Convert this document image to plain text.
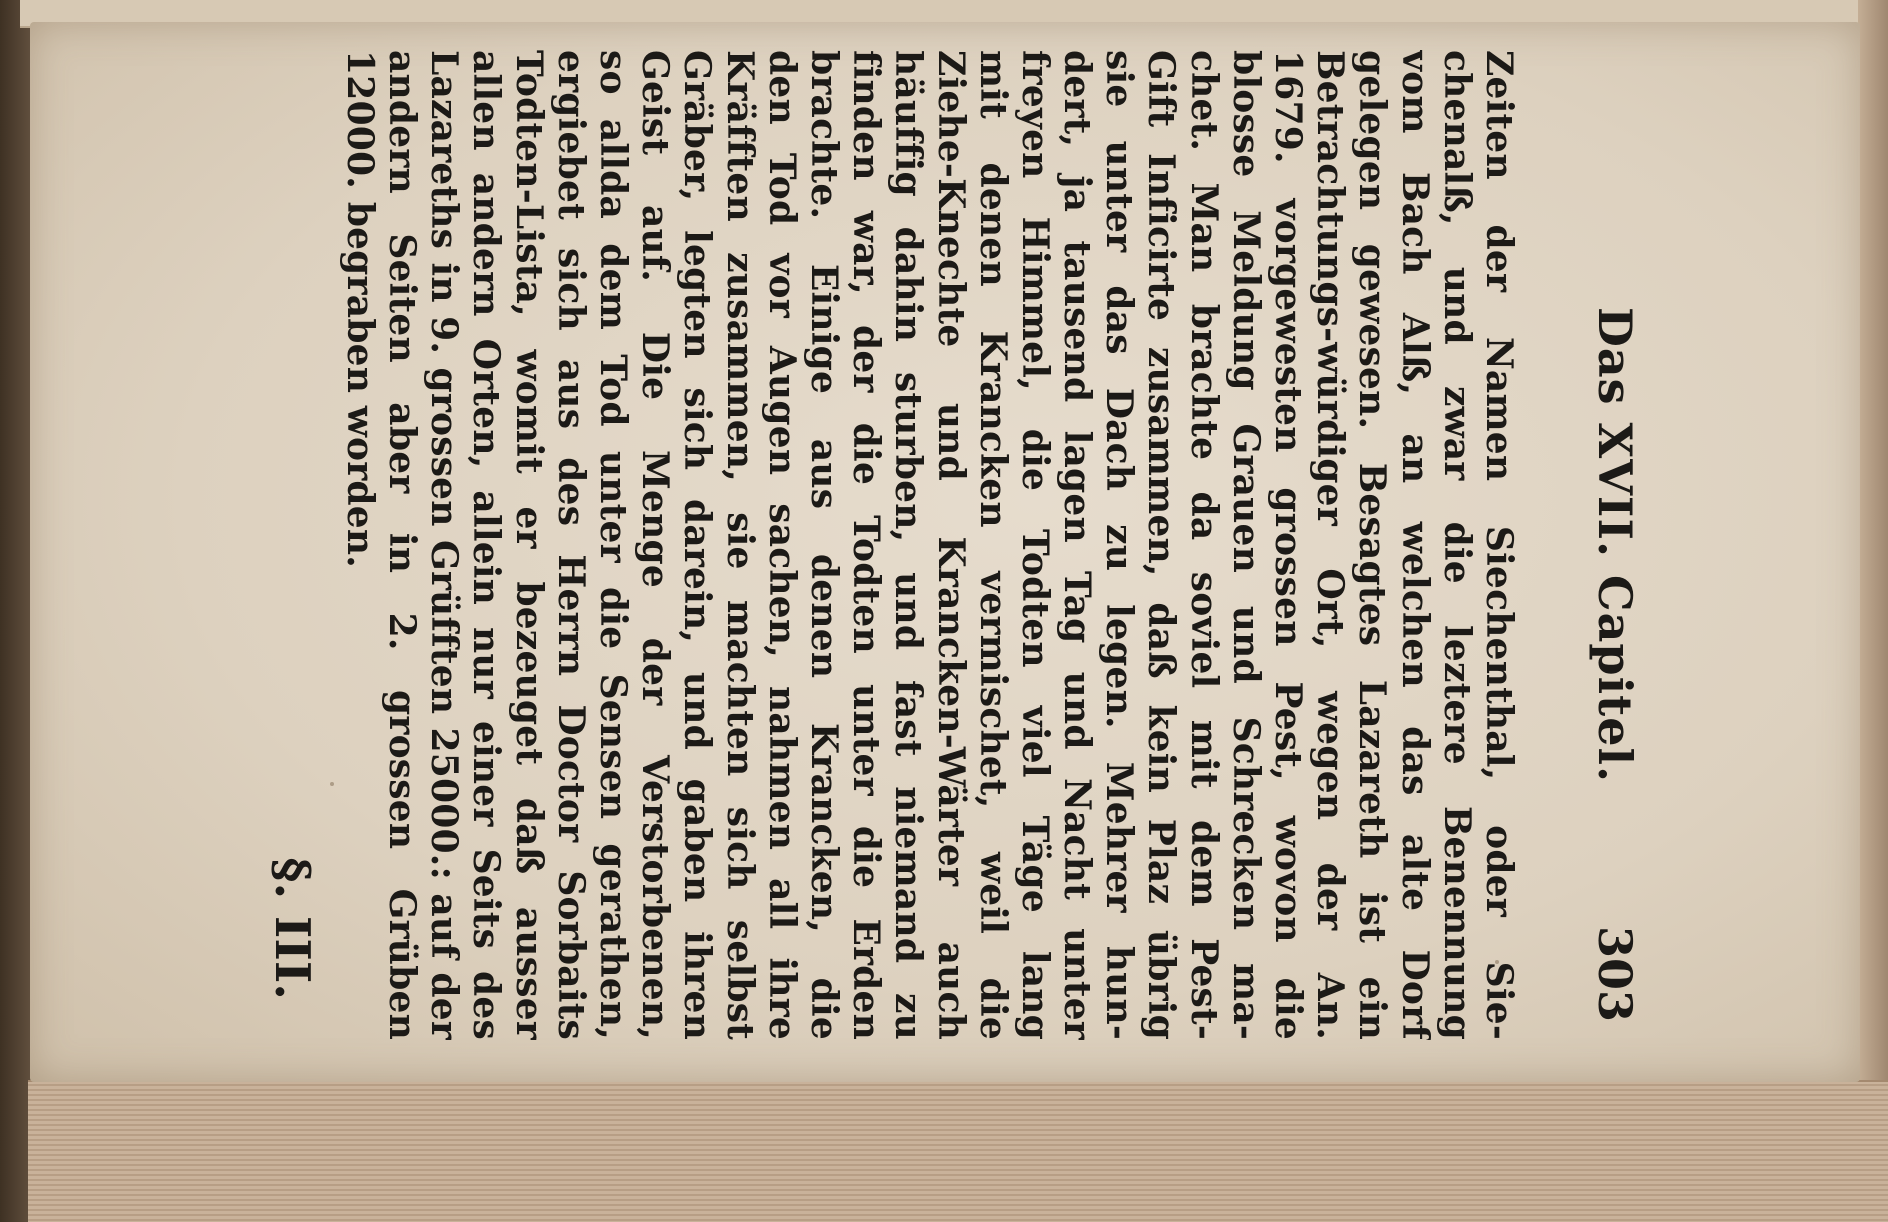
Das XVII. Capitel.
303
Zeiten der Namen Siechenthal, oder Sie-
chenalß, und zwar die leztere Benennung
vom Bach Alß, an welchen das alte Dorf
gelegen gewesen. Besagtes Lazareth ist ein
Betrachtungs-würdiger Ort, wegen der An.
1679. vorgewesten grossen Pest, wovon die
blosse Meldung Grauen und Schrecken ma-
chet. Man brachte da soviel mit dem Pest-
Gift Inficirte zusammen, daß kein Plaz übrig
sie unter das Dach zu legen. Mehrer hun-
dert, ja tausend lagen Tag und Nacht unter
freyen Himmel, die Todten viel Täge lang
mit denen Krancken vermischet, weil die
Ziehe-Knechte und Krancken-Wärter auch
häuffig dahin sturben, und fast niemand zu
finden war, der die Todten unter die Erden
brachte. Einige aus denen Krancken, die
den Tod vor Augen sachen, nahmen all ihre
Kräfften zusammen, sie machten sich selbst
Gräber, legten sich darein, und gaben ihren
Geist auf. Die Menge der Verstorbenen,
so allda dem Tod unter die Sensen gerathen,
ergiebet sich aus des Herrn Doctor Sorbaits
Todten-Lista, womit er bezeuget daß ausser
allen andern Orten, allein nur einer Seits des
Lazareths in 9. grossen Grüfften 25000.: auf der
andern Seiten aber in 2. grossen Grüben
12000. begraben worden.
§. III.
